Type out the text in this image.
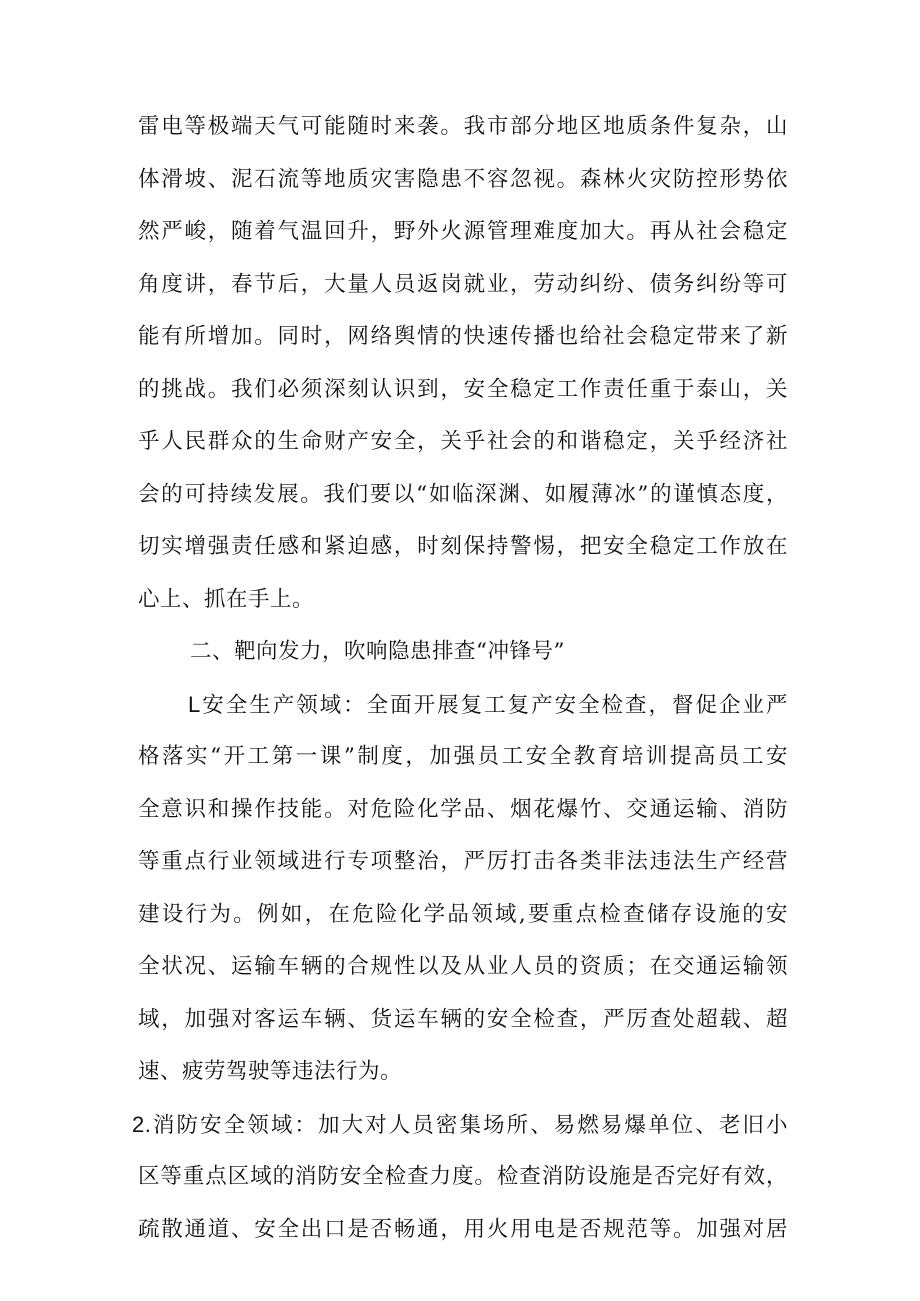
雷电等极端天气可能随时来袭。我市部分地区地质条件复杂，山
体滑坡、泥石流等地质灾害隐患不容忽视。森林火灾防控形势依
然严峻，随着气温回升，野外火源管理难度加大。再从社会稳定
角度讲，春节后，大量人员返岗就业，劳动纠纷、债务纠纷等可
能有所增加。同时，网络舆情的快速传播也给社会稳定带来了新
的挑战。我们必须深刻认识到，安全稳定工作责任重于泰山，关
乎人民群众的生命财产安全，关乎社会的和谐稳定，关乎经济社
会的可持续发展。我们要以“如临深渊、如履薄冰”的谨慎态度，
切实增强责任感和紧迫感，时刻保持警惕，把安全稳定工作放在
心上、抓在手上。
二、靶向发力，吹响隐患排查“冲锋号”
L安全生产领域：全面开展复工复产安全检查，督促企业严
格落实“开工第一课”制度，加强员工安全教育培训提高员工安
全意识和操作技能。对危险化学品、烟花爆竹、交通运输、消防
等重点行业领域进行专项整治，严厉打击各类非法违法生产经营
建设行为。例如，在危险化学品领域,要重点检查储存设施的安
全状况、运输车辆的合规性以及从业人员的资质；在交通运输领
域，加强对客运车辆、货运车辆的安全检查，严厉查处超载、超
速、疲劳驾驶等违法行为。
2.消防安全领域：加大对人员密集场所、易燃易爆单位、老旧小
区等重点区域的消防安全检查力度。检查消防设施是否完好有效，
疏散通道、安全出口是否畅通，用火用电是否规范等。加强对居
